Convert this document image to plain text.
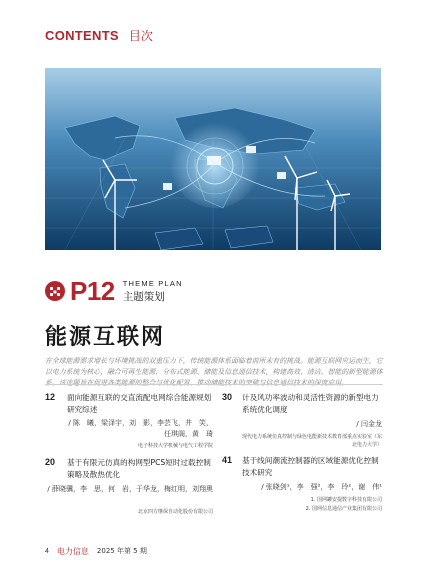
CONTENTS 目次
P12 THEME PLAN
主题策划
能源互联网
在全球能源需求增长与环境挑战的双重压力下，传统能源体系面临着前所未有的挑战。能源互联网应运而生，它以电力系统为核心，融合可再生能源、分布式能源、储能及信息通信技术，构建高效、清洁、智能的新型能源体系。该选题旨在促进各类能源的整合与优化配置、推动储能技术的突破与信息通信技术的深度应用。
12 面向能源互联的交直流配电网综合能源规划研究综述
/ 陈　曦，梁泽宇，刘　影，李芸飞，井　笑，任琪阁，黄　琦
电子科技大学机械与电气工程学院
30 计及风功率波动和灵活性资源的新型电力系统优化调度
/ 闫金龙
现代电力系统仿真控制与绿色电能新技术教育部重点实验室（东北电力大学）
20 基于有限元仿真的构网型PCS短时过载控制策略及散热优化
/ 薛晓骥，李　思，何　岩，于华龙，梅红明，刘翔奥
北京四方继保自动化股份有限公司
41 基于线间潮流控制器的区域能源优化控制技术研究
/ 张晓剑¹，李　强²，李　玲²，谢　伟¹
1. 国网罐安提数字科技有限公司
2. 国网信息通信产业集团有限公司
4 电力信息 2025 年第 5 期
